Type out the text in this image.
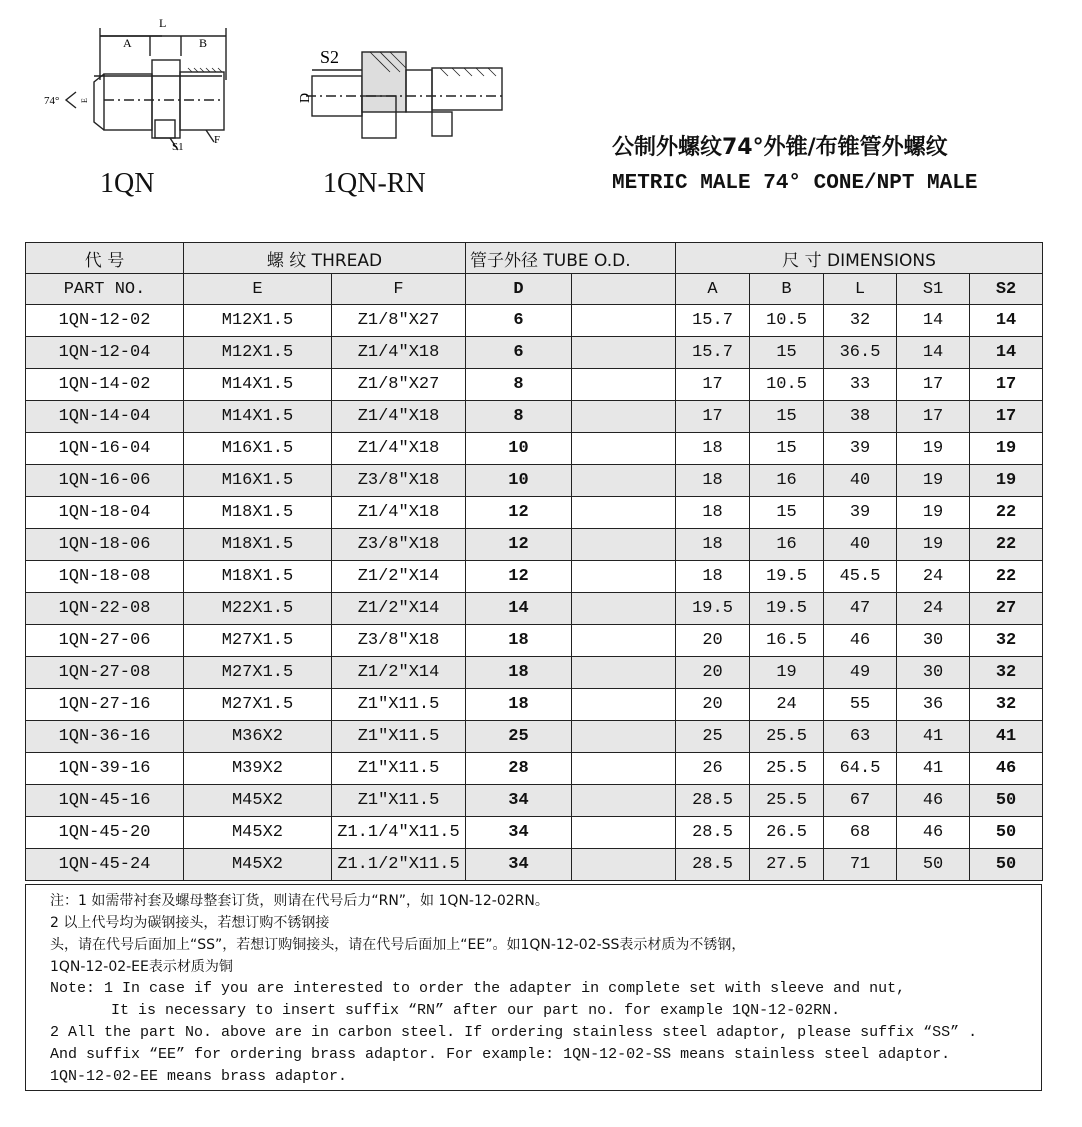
L
A	B
S1
F
E
74°
S2
D
1QN	1QN-RN
公制外螺纹74°外锥/布锥管外螺纹
METRIC MALE 74° CONE/NPT MALE
代 号	螺 纹 THREAD		管子外径 TUBE O.D.		尺 寸 DIMENSIONS				
PART NO.	E	F	D		A	B	L	S1	S2
1QN-12-02	M12X1.5	Z1/8"X27	6		15.7	10.5	32	14	14
1QN-12-04	M12X1.5	Z1/4"X18	6		15.7	15	36.5	14	14
1QN-14-02	M14X1.5	Z1/8"X27	8		17	10.5	33	17	17
1QN-14-04	M14X1.5	Z1/4"X18	8		17	15	38	17	17
1QN-16-04	M16X1.5	Z1/4"X18	10		18	15	39	19	19
1QN-16-06	M16X1.5	Z3/8"X18	10		18	16	40	19	19
1QN-18-04	M18X1.5	Z1/4"X18	12		18	15	39	19	22
1QN-18-06	M18X1.5	Z3/8"X18	12		18	16	40	19	22
1QN-18-08	M18X1.5	Z1/2"X14	12		18	19.5	45.5	24	22
1QN-22-08	M22X1.5	Z1/2"X14	14		19.5	19.5	47	24	27
1QN-27-06	M27X1.5	Z3/8"X18	18		20	16.5	46	30	32
1QN-27-08	M27X1.5	Z1/2"X14	18		20	19	49	30	32
1QN-27-16	M27X1.5	Z1"X11.5	18		20	24	55	36	32
1QN-36-16	M36X2	Z1"X11.5	25		25	25.5	63	41	41
1QN-39-16	M39X2	Z1"X11.5	28		26	25.5	64.5	41	46
1QN-45-16	M45X2	Z1"X11.5	34		28.5	25.5	67	46	50
1QN-45-20	M45X2	Z1.1/4"X11.5	34		28.5	26.5	68	46	50
1QN-45-24	M45X2	Z1.1/2"X11.5	34		28.5	27.5	71	50	50
注：1 如需带衬套及螺母整套订货，则请在代号后力“RN”，如 1QN-12-02RN。
2 以上代号均为碳钢接头，若想订购不锈钢接
头，请在代号后面加上“SS”，若想订购铜接头，请在代号后面加上“EE”。如1QN-12-02-SS表示材质为不锈钢，
1QN-12-02-EE表示材质为铜
Note: 1 In case if you are interested to order the adapter in complete set with sleeve and nut,
It is necessary to insert suffix “RN” after our part no. for example 1QN-12-02RN.
2 All the part No. above are in carbon steel. If ordering stainless steel adaptor, please suffix “SS” .
And suffix “EE” for ordering brass adaptor. For example: 1QN-12-02-SS means stainless steel adaptor.
1QN-12-02-EE means brass adaptor.
